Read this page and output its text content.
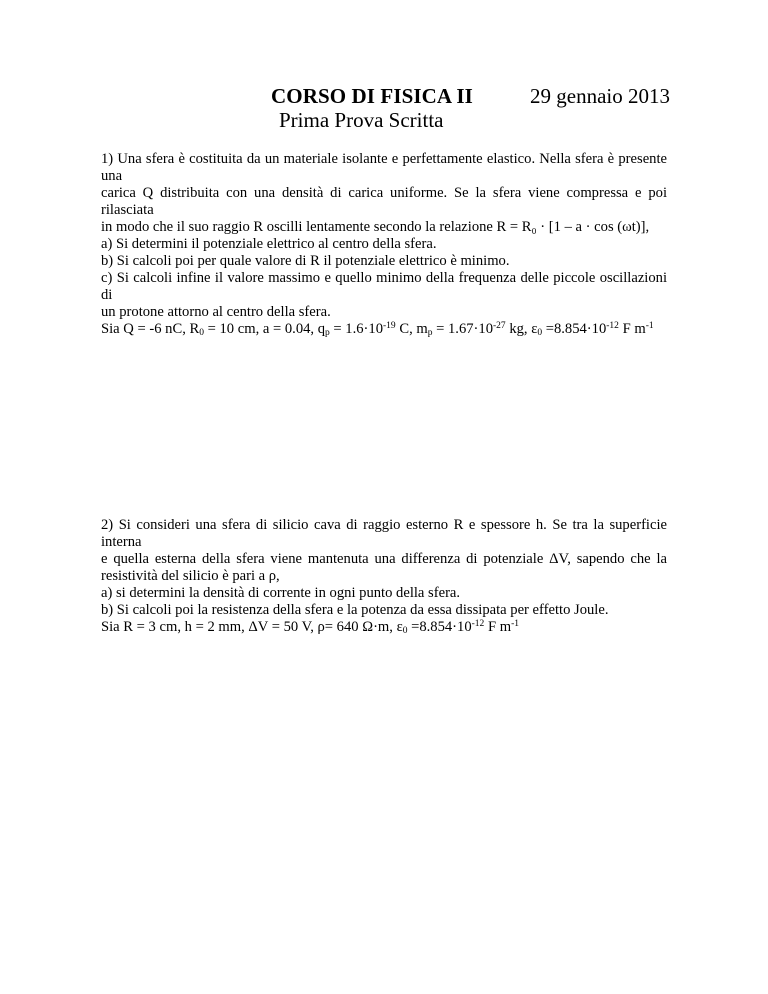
CORSO DI FISICA II	29 gennaio 2013
Prima Prova Scritta
1) Una sfera è costituita da un materiale isolante e perfettamente elastico. Nella sfera è presente una
carica Q distribuita con una densità di carica uniforme. Se la sfera viene compressa e poi rilasciata
in modo che il suo raggio R oscilli lentamente secondo la relazione R = R₀ · [1 – a · cos (ωt)],
a) Si determini il potenziale elettrico al centro della sfera.
b) Si calcoli poi per quale valore di R il potenziale elettrico è minimo.
c) Si calcoli infine il valore massimo e quello minimo della frequenza delle piccole oscillazioni di
un protone attorno al centro della sfera.
Sia Q = -6 nC, $R_0 = 10$ cm, a = 0.04, $q_p = 1.6\cdot 10^{-19}$ C, $m_p = 1.67\cdot 10^{-27}$ kg, $\varepsilon_0 =8.854\cdot 10^{-12}$ F $m^{-1}$
2) Si consideri una sfera di silicio cava di raggio esterno R e spessore h. Se tra la superficie interna
e quella esterna della sfera viene mantenuta una differenza di potenziale ΔV, sapendo che la
resistività del silicio è pari a ρ,
a) si determini la densità di corrente in ogni punto della sfera.
b) Si calcoli poi la resistenza della sfera e la potenza da essa dissipata per effetto Joule.
Sia R = 3 cm, h = 2 mm, ΔV = 50 V, ρ= 640 Ω·m, $\varepsilon_0 =8.854\cdot 10^{-12}$ F $m^{-1}$
